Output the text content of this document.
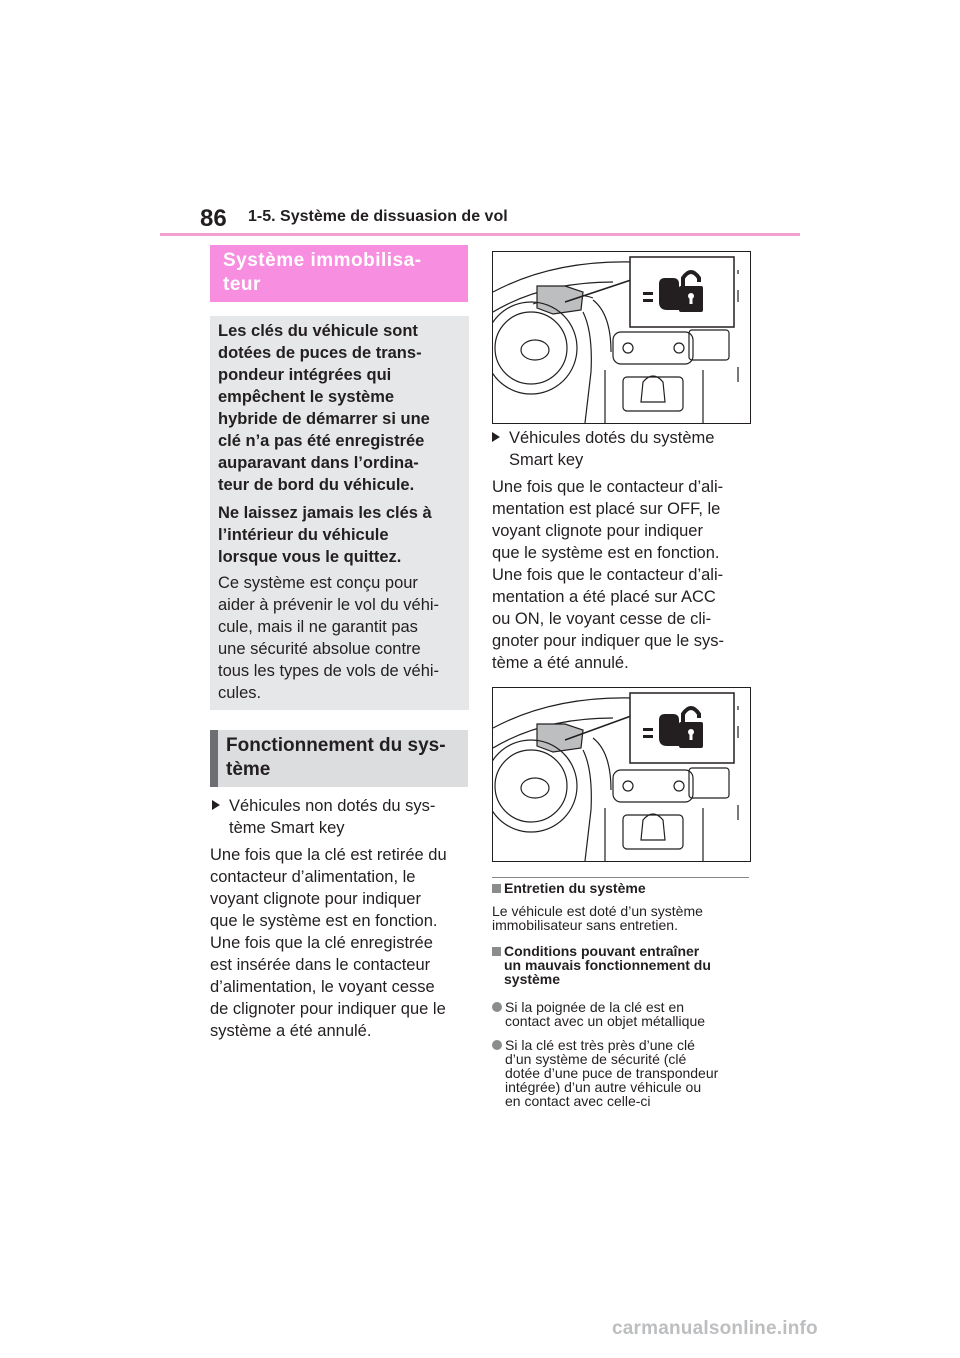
86 1-5. Système de dissuasion de vol
Système immobilisa-
teur
Les clés du véhicule sont
dotées de puces de trans-
pondeur intégrées qui
empêchent le système
hybride de démarrer si une
clé n’a pas été enregistrée
auparavant dans l’ordina-
teur de bord du véhicule.
Ne laissez jamais les clés à
l’intérieur du véhicule
lorsque vous le quittez.
Ce système est conçu pour
aider à prévenir le vol du véhi-
cule, mais il ne garantit pas
une sécurité absolue contre
tous les types de vols de véhi-
cules.
Fonctionnement du sys-
tème
Véhicules non dotés du sys-
tème Smart key
Une fois que la clé est retirée du
contacteur d’alimentation, le
voyant clignote pour indiquer
que le système est en fonction.
Une fois que la clé enregistrée
est insérée dans le contacteur
d’alimentation, le voyant cesse
de clignoter pour indiquer que le
système a été annulé.
Véhicules dotés du système
Smart key
Une fois que le contacteur d’ali-
mentation est placé sur OFF, le
voyant clignote pour indiquer
que le système est en fonction.
Une fois que le contacteur d’ali-
mentation a été placé sur ACC
ou ON, le voyant cesse de cli-
gnoter pour indiquer que le sys-
tème a été annulé.
Entretien du système
Le véhicule est doté d’un système
immobilisateur sans entretien.
Conditions pouvant entraîner
un mauvais fonctionnement du
système
Si la poignée de la clé est en
contact avec un objet métallique
Si la clé est très près d’une clé
d’un système de sécurité (clé
dotée d’une puce de transpondeur
intégrée) d’un autre véhicule ou
en contact avec celle-ci
carmanualsonline.info
